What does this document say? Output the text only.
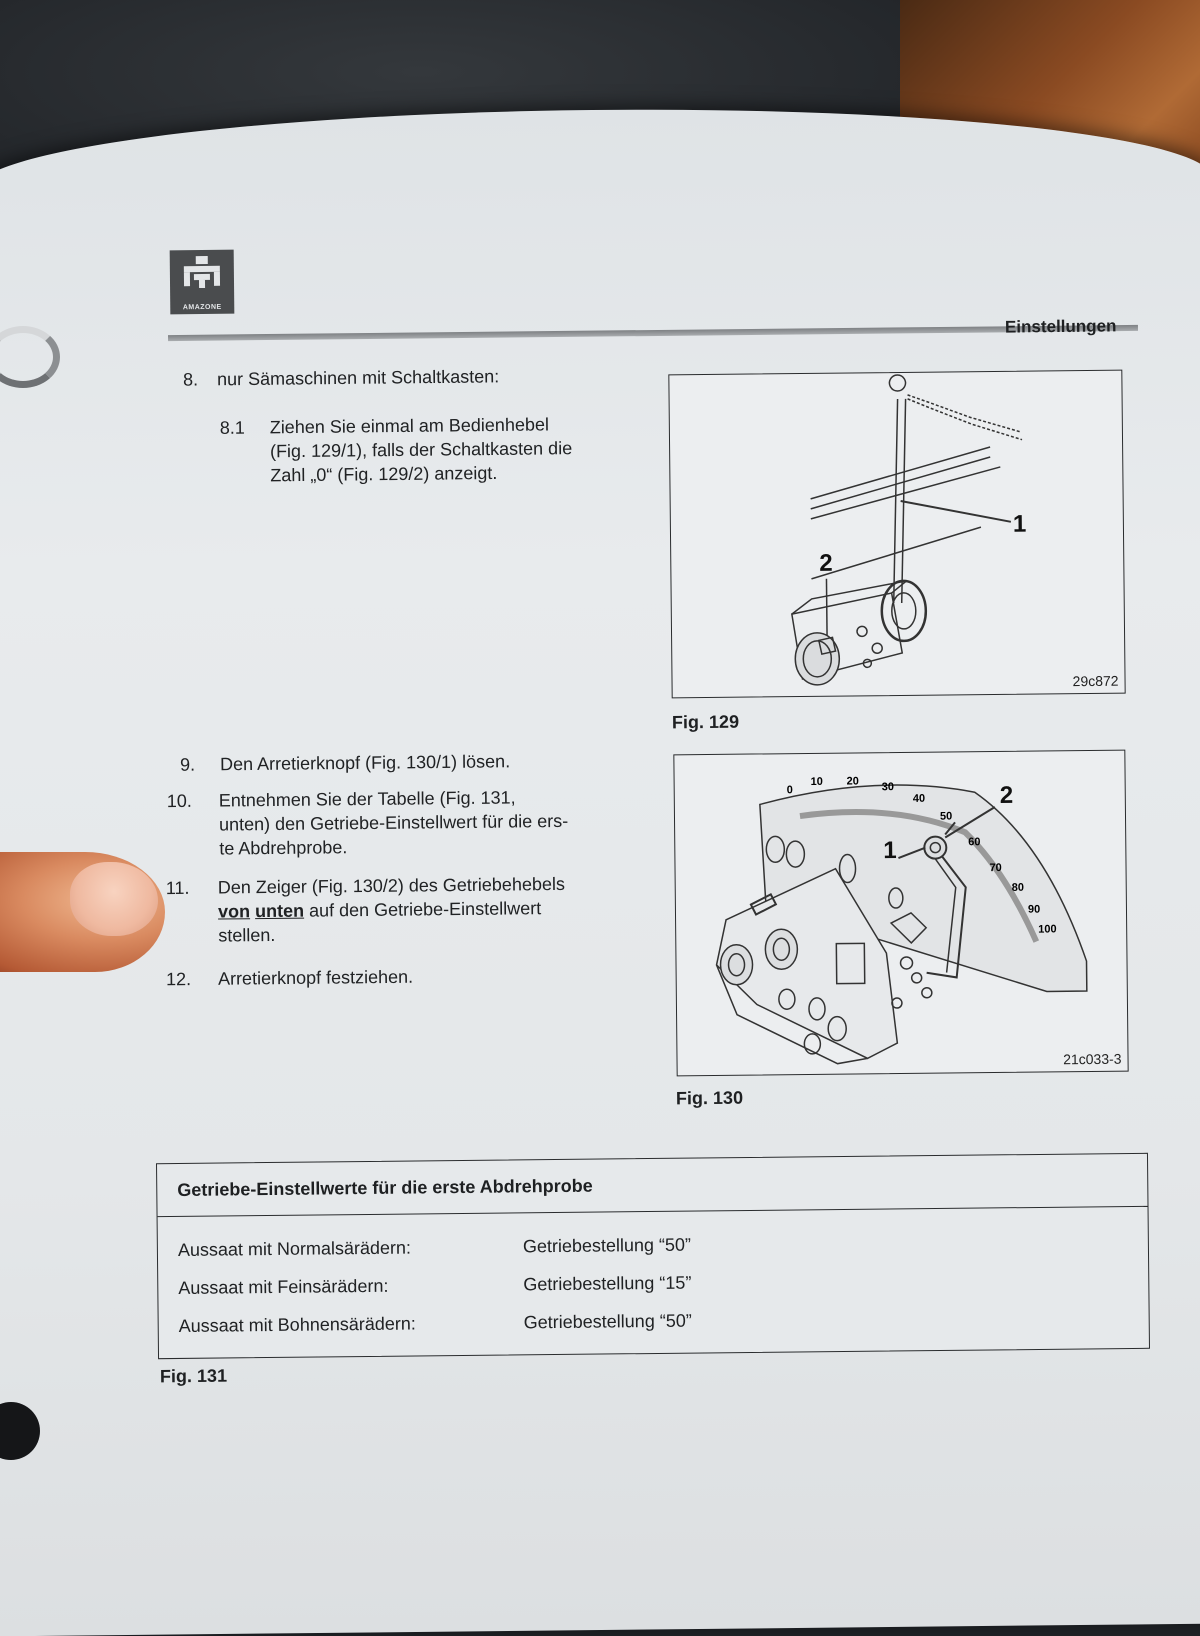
AMAZONE
Einstellungen
8. nur Sämaschinen mit Schaltkasten:
8.1 Ziehen Sie einmal am Bedienhebel
(Fig. 129/1), falls der Schaltkasten die
Zahl „0“ (Fig. 129/2) anzeigt.
9. Den Arretierknopf (Fig. 130/1) lösen.
10. Entnehmen Sie der Tabelle (Fig. 131,
unten) den Getriebe-Einstellwert für die ers-
te Abdrehprobe.
11. Den Zeiger (Fig. 130/2) des Getriebehebels
von unten auf den Getriebe-Einstellwert
stellen.
12. Arretierknopf festziehen.
1
2
29c872
Fig. 129
1
2
0
10 20 30
40
50
60
70
80
90
100
21c033-3
Fig. 130
Getriebe-Einstellwerte für die erste Abdrehprobe
Aussaat mit Normalsärädern:	Getriebestellung “50”
Aussaat mit Feinsärädern:	Getriebestellung “15”
Aussaat mit Bohnensärädern:	Getriebestellung “50”
Fig. 131
